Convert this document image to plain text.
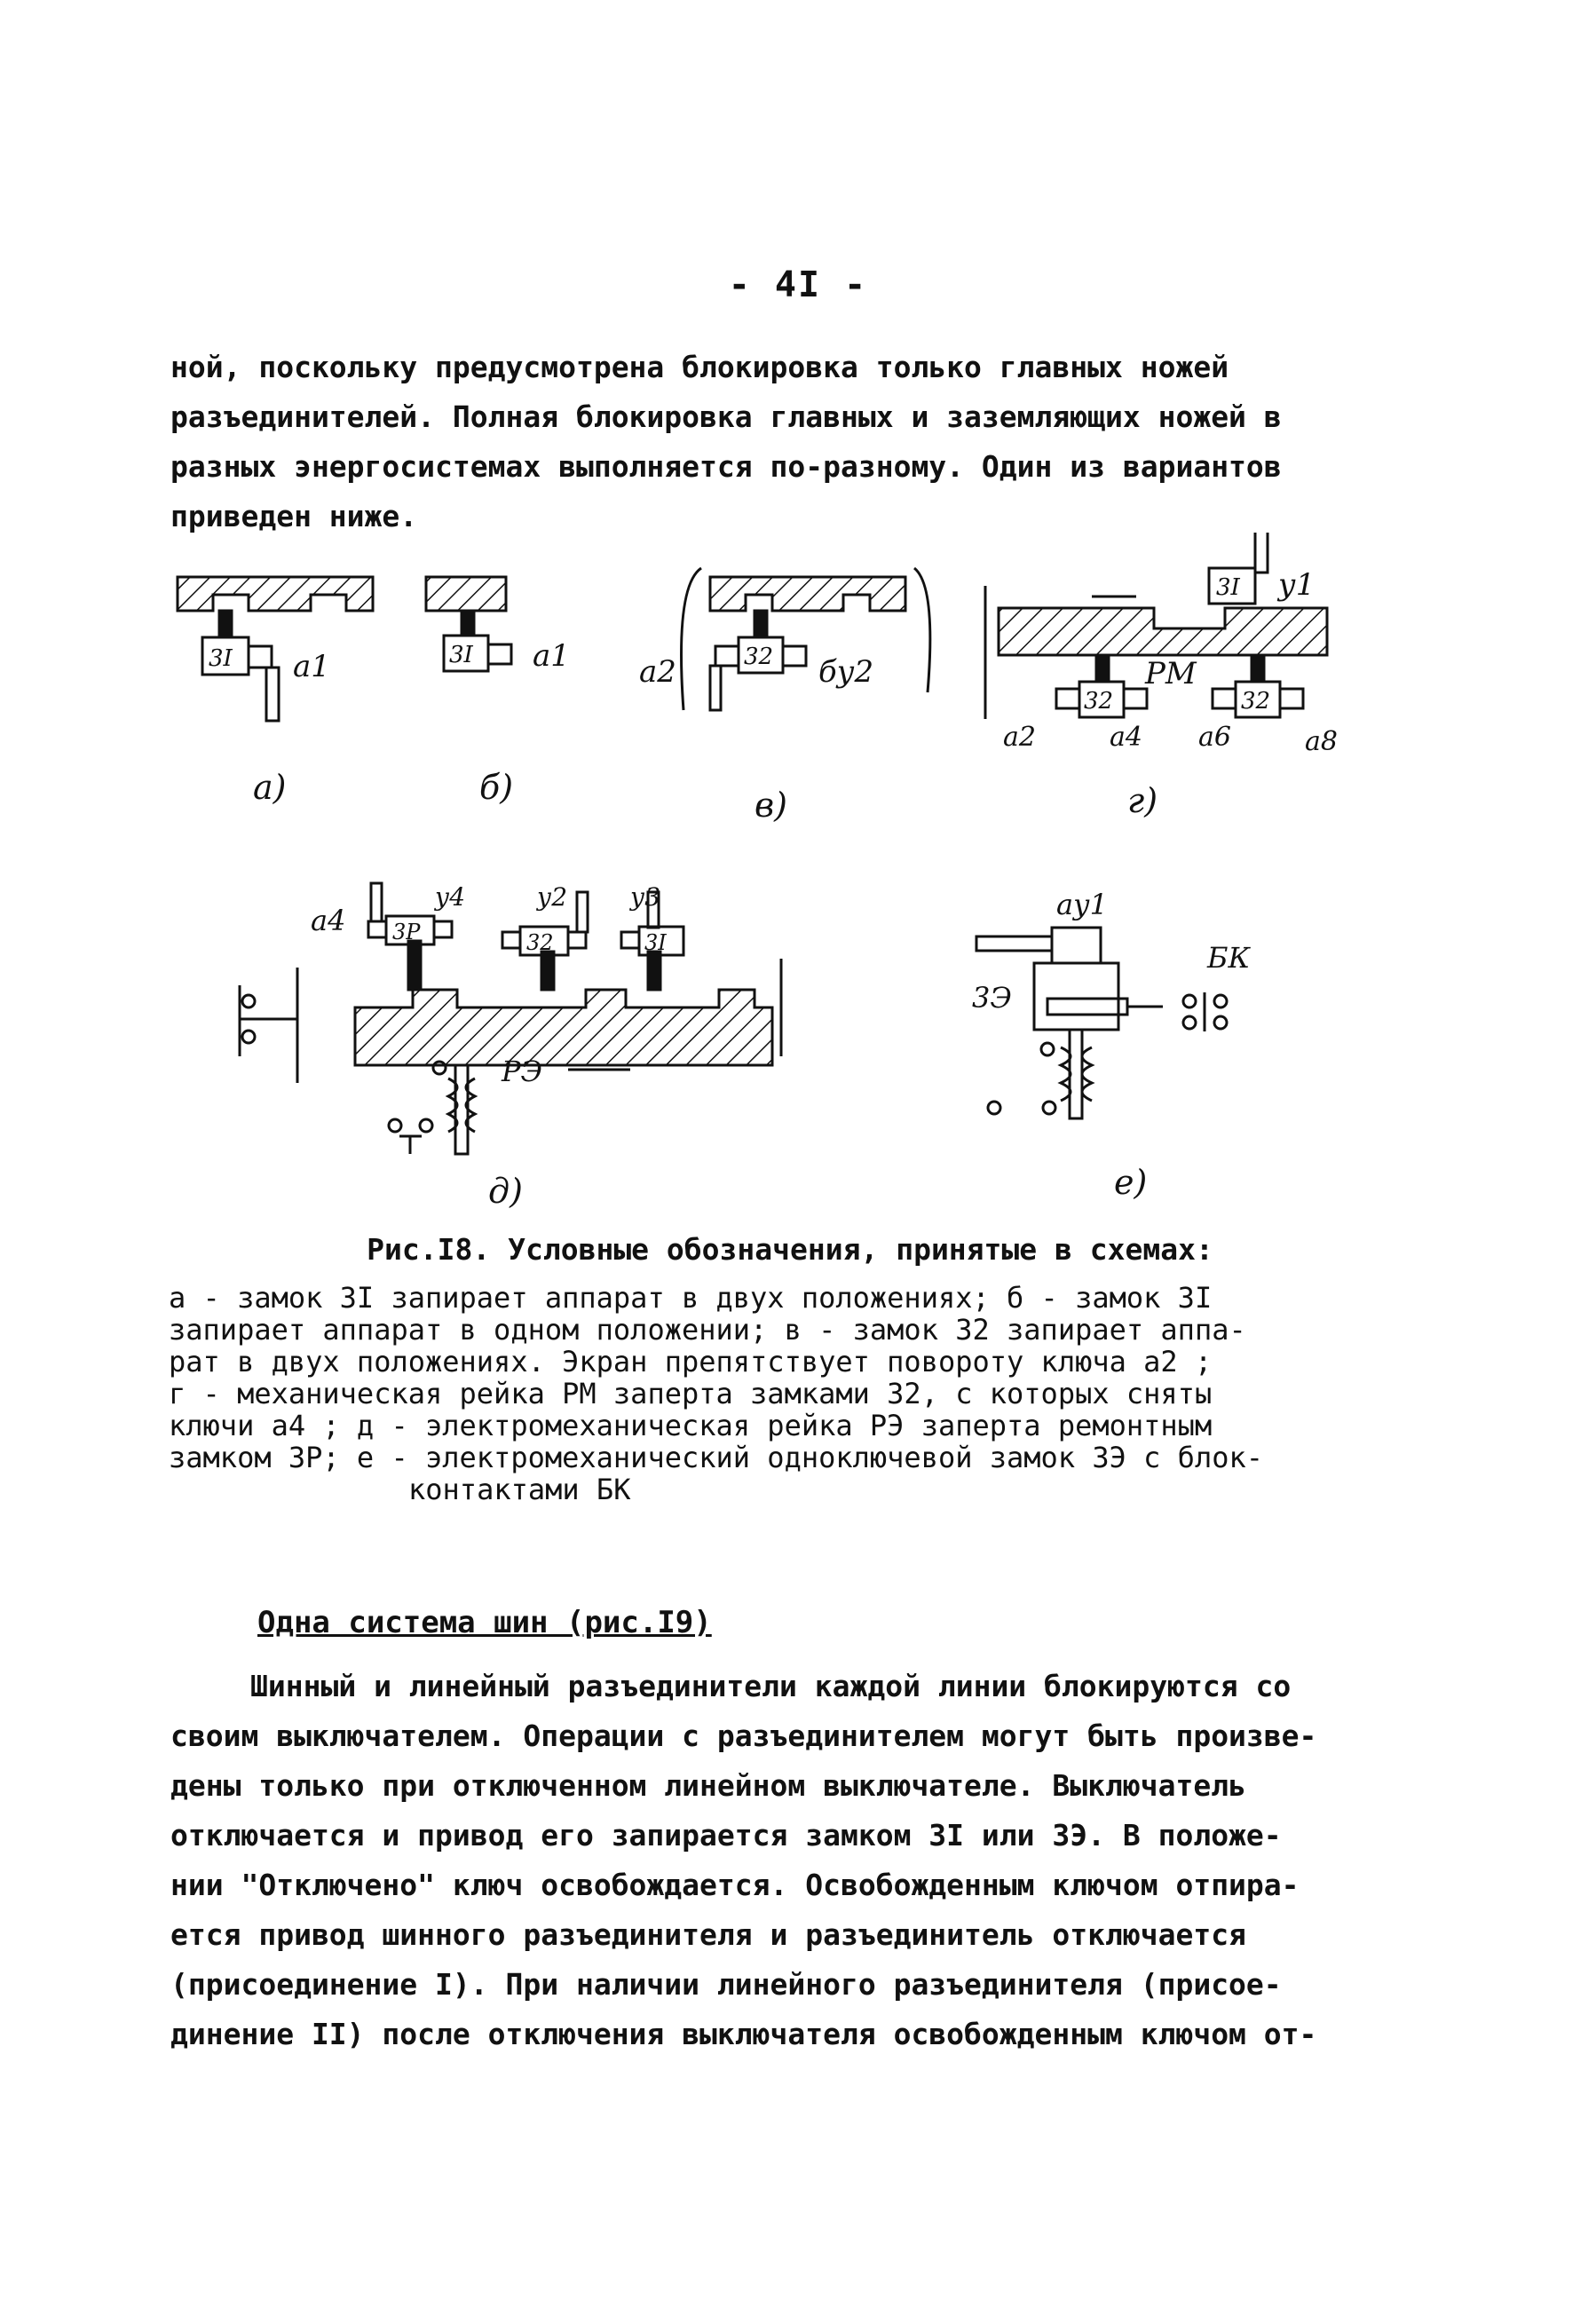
- 4I -

ной, поскольку предусмотрена блокировка только главных ножей
разъединителей. Полная блокировка главных и заземляющих ножей в
разных энергосистемах выполняется по-разному. Один из вариантов
приведен ниже.

3I a1
a)
3I a1
б)
32
a2	бу2
в)
3I у1
32	32
РМ
a2	a4 a6	a8
г)
3Р	32	3I
a4
у4	у2	у3
РЭ
д)
ау1
3Э
БК
е)
Рис.I8. Условные обозначения, принятые в схемах:
а - замок 3I запирает аппарат в двух положениях; б - замок 3I
запирает аппарат в одном положении; в - замок 32 запирает аппа-
рат в двух положениях. Экран препятствует повороту ключа а2 ;
г - механическая рейка РМ заперта замками 32, с которых сняты
ключи а4 ; д - электромеханическая рейка РЭ заперта ремонтным
замком 3Р; е - электромеханический одноключевой замок 3Э с блок-
контактами БК
Одна система шин (рис.I9)

Шинный и линейный разъединители каждой линии блокируются со
своим выключателем. Операции с разъединителем могут быть произве-
дены только при отключенном линейном выключателе. Выключатель
отключается и привод его запирается замком 3I или 3Э. В положе-
нии "Отключено" ключ освобождается. Освобожденным ключом отпира-
ется привод шинного разъединителя и разъединитель отключается
(присоединение I). При наличии линейного разъединителя (присое-
динение II) после отключения выключателя освобожденным ключом от-
